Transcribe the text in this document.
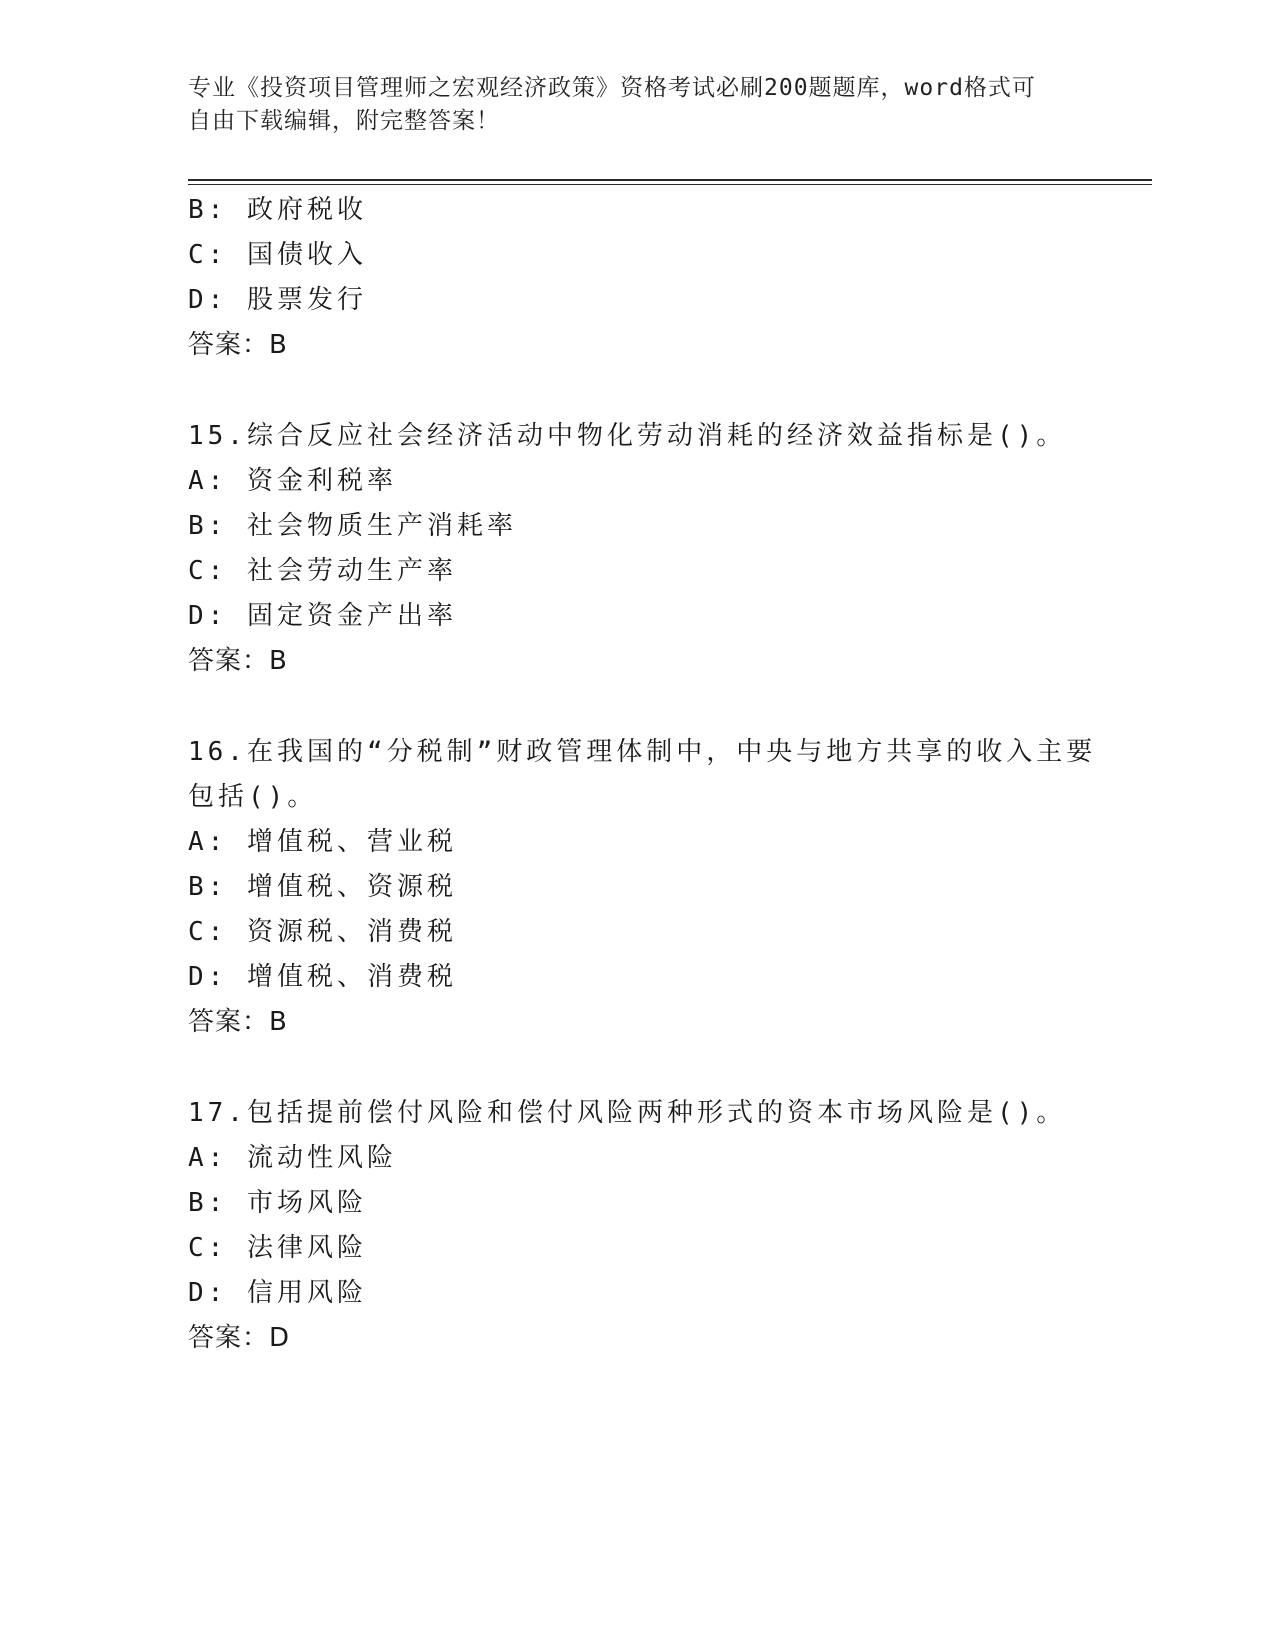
专业《投资项目管理师之宏观经济政策》资格考试必刷200题题库，word格式可
自由下载编辑，附完整答案！
B: 政府税收
C: 国债收入
D: 股票发行
答案：B
15.综合反应社会经济活动中物化劳动消耗的经济效益指标是()。
A: 资金利税率
B: 社会物质生产消耗率
C: 社会劳动生产率
D: 固定资金产出率
答案：B
16.在我国的“分税制”财政管理体制中，中央与地方共享的收入主要
包括()。
A: 增值税、营业税
B: 增值税、资源税
C: 资源税、消费税
D: 增值税、消费税
答案：B
17.包括提前偿付风险和偿付风险两种形式的资本市场风险是()。
A: 流动性风险
B: 市场风险
C: 法律风险
D: 信用风险
答案：D
